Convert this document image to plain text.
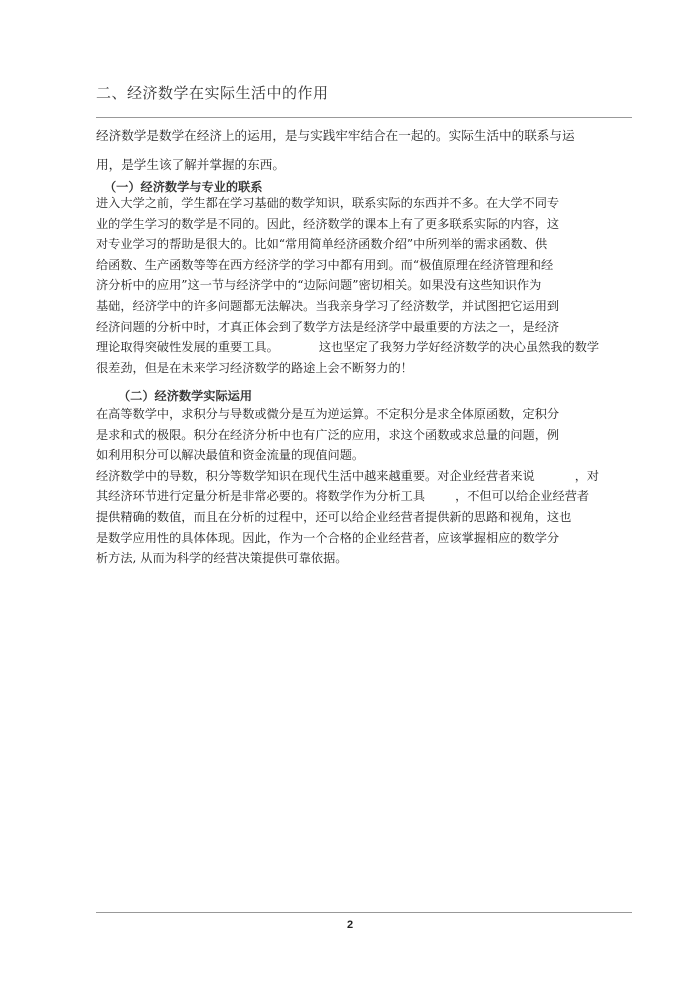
二、经济数学在实际生活中的作用

经济数学是数学在经济上的运用，是与实践牢牢结合在一起的。实际生活中的联系与运

用，是学生该了解并掌握的东西。

（一）经济数学与专业的联系

进入大学之前，学生都在学习基础的数学知识，联系实际的东西并不多。在大学不同专

业的学生学习的数学是不同的。因此，经济数学的课本上有了更多联系实际的内容，这

对专业学习的帮助是很大的。比如“常用简单经济函数介绍”中所列举的需求函数、供

给函数、生产函数等等在西方经济学的学习中都有用到。而“极值原理在经济管理和经

济分析中的应用”这一节与经济学中的“边际问题”密切相关。如果没有这些知识作为

基础，经济学中的许多问题都无法解决。当我亲身学习了经济数学，并试图把它运用到

经济问题的分析中时，才真正体会到了数学方法是经济学中最重要的方法之一，是经济

理论取得突破性发展的重要工具。	这也坚定了我努力学好经济数学的决心虽然我的数学

很差劲，但是在未来学习经济数学的路途上会不断努力的！

（二）经济数学实际运用

在高等数学中，求积分与导数或微分是互为逆运算。不定积分是求全体原函数，定积分

是求和式的极限。积分在经济分析中也有广泛的应用，求这个函数或求总量的问题，例

如利用积分可以解决最值和资金流量的现值问题。

经济数学中的导数，积分等数学知识在现代生活中越来越重要。对企业经营者来说	，对

其经济环节进行定量分析是非常必要的。将数学作为分析工具 ，不但可以给企业经营者

提供精确的数值，而且在分析的过程中，还可以给企业经营者提供新的思路和视角，这也

是数学应用性的具体体现。因此，作为一个合格的企业经营者，应该掌握相应的数学分

析方法, 从而为科学的经营决策提供可靠依据。

2
